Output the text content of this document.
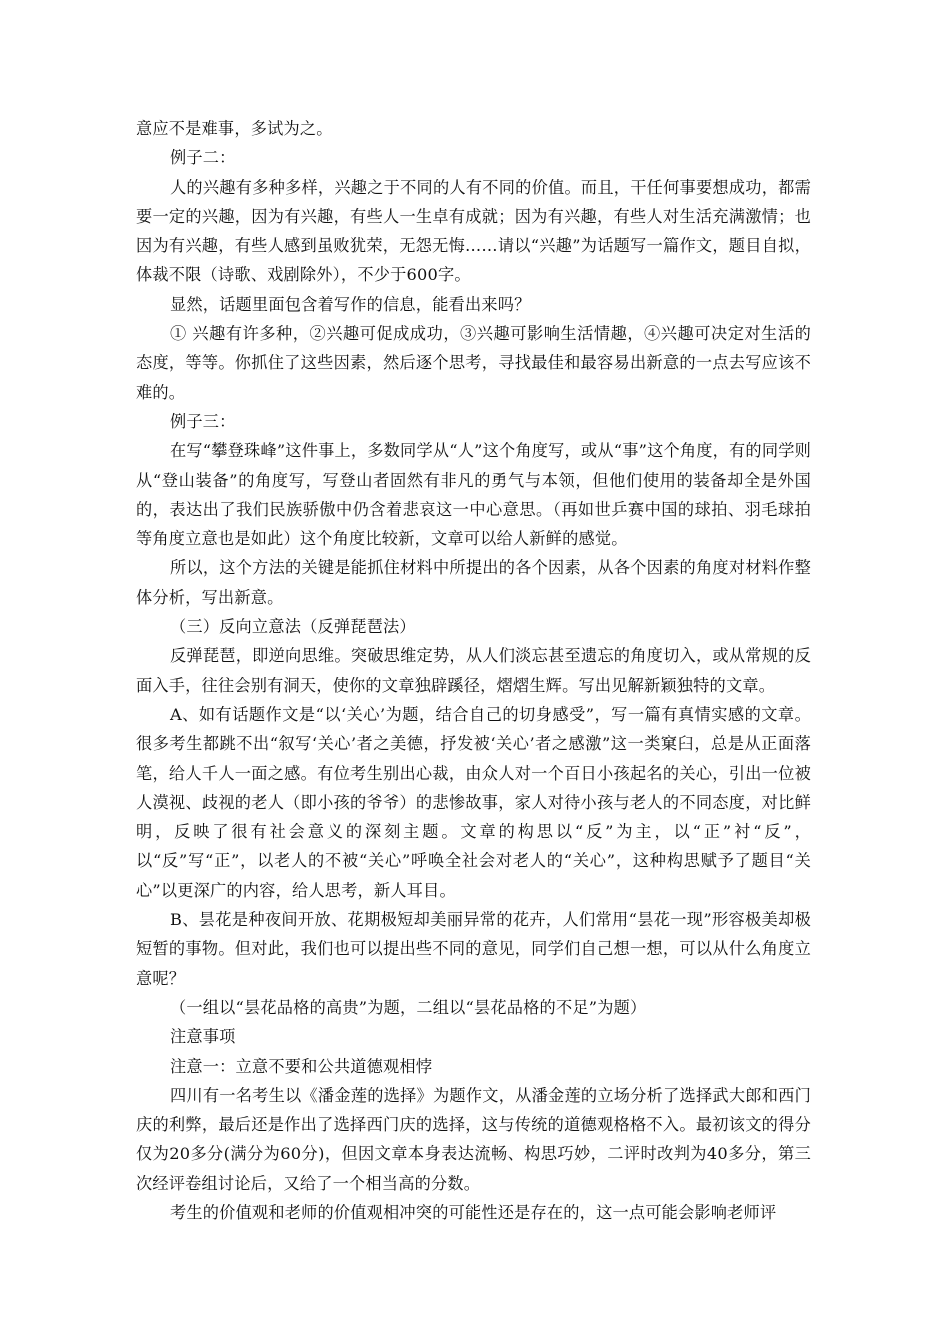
意应不是难事，多试为之。

例子二：

人的兴趣有多种多样，兴趣之于不同的人有不同的价值。而且，干任何事要想成功，都需要一定的兴趣，因为有兴趣，有些人一生卓有成就；因为有兴趣，有些人对生活充满激情；也因为有兴趣，有些人感到虽败犹荣，无怨无悔……请以“兴趣”为话题写一篇作文，题目自拟，体裁不限（诗歌、戏剧除外），不少于600字。

显然，话题里面包含着写作的信息，能看出来吗？

① 兴趣有许多种，②兴趣可促成成功，③兴趣可影响生活情趣，④兴趣可决定对生活的态度，等等。你抓住了这些因素，然后逐个思考，寻找最佳和最容易出新意的一点去写应该不难的。

例子三：

在写“攀登珠峰”这件事上，多数同学从“人”这个角度写，或从“事”这个角度，有的同学则从“登山装备”的角度写，写登山者固然有非凡的勇气与本领，但他们使用的装备却全是外国的，表达出了我们民族骄傲中仍含着悲哀这一中心意思。（再如世乒赛中国的球拍、羽毛球拍等角度立意也是如此）这个角度比较新，文章可以给人新鲜的感觉。

所以，这个方法的关键是能抓住材料中所提出的各个因素，从各个因素的角度对材料作整体分析，写出新意。

（三）反向立意法（反弹琵琶法）

反弹琵琶，即逆向思维。突破思维定势，从人们淡忘甚至遗忘的角度切入，或从常规的反面入手，往往会别有洞天，使你的文章独辟蹊径，熠熠生辉。写出见解新颖独特的文章。

A、如有话题作文是“以‘关心’为题，结合自己的切身感受”，写一篇有真情实感的文章。很多考生都跳不出“叙写‘关心’者之美德，抒发被‘关心’者之感激”这一类窠臼，总是从正面落笔，给人千人一面之感。有位考生别出心裁，由众人对一个百日小孩起名的关心，引出一位被人漠视、歧视的老人（即小孩的爷爷）的悲惨故事，家人对待小孩与老人的不同态度，对比鲜明，反映了很有社会意义的深刻主题。文章的构思以“反”为主，以“正”衬“反”，以“反”写“正”，以老人的不被“关心”呼唤全社会对老人的“关心”，这种构思赋予了题目“关心”以更深广的内容，给人思考，新人耳目。

B、昙花是种夜间开放、花期极短却美丽异常的花卉，人们常用“昙花一现”形容极美却极短暂的事物。但对此，我们也可以提出些不同的意见，同学们自己想一想，可以从什么角度立意呢？

（一组以“昙花品格的高贵”为题，二组以“昙花品格的不足”为题）

注意事项

注意一：立意不要和公共道德观相悖

四川有一名考生以《潘金莲的选择》为题作文，从潘金莲的立场分析了选择武大郎和西门庆的利弊，最后还是作出了选择西门庆的选择，这与传统的道德观格格不入。最初该文的得分仅为20多分(满分为60分)，但因文章本身表达流畅、构思巧妙，二评时改判为40多分，第三次经评卷组讨论后，又给了一个相当高的分数。

考生的价值观和老师的价值观相冲突的可能性还是存在的，这一点可能会影响老师评
